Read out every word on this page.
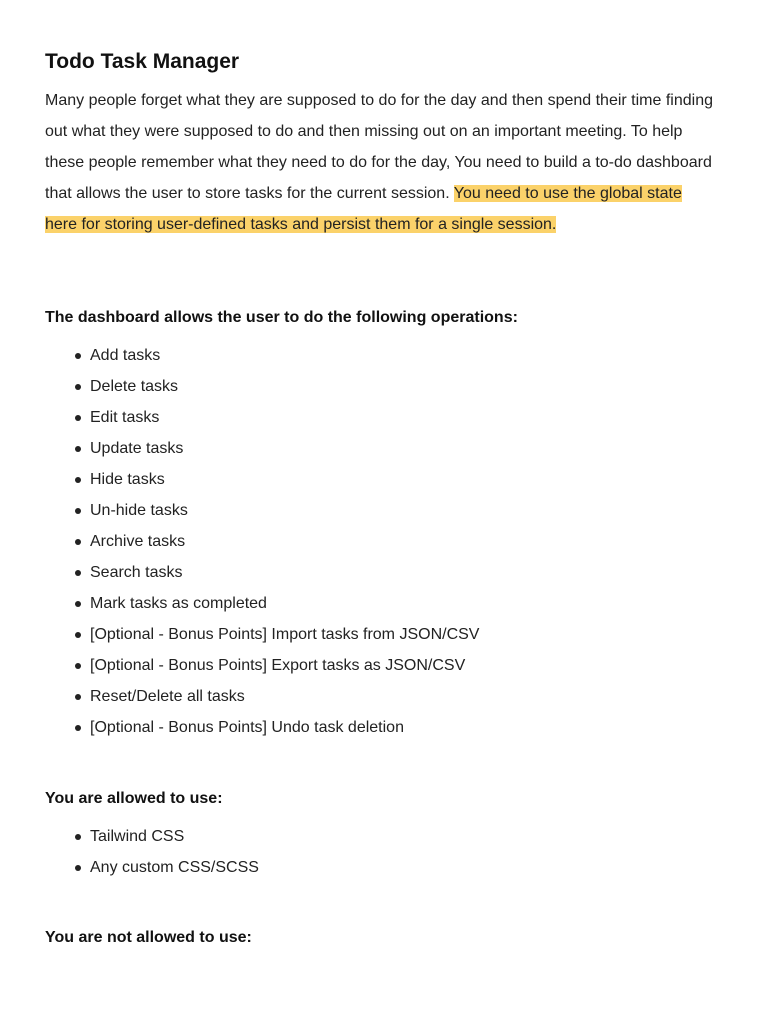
Todo Task Manager

Many people forget what they are supposed to do for the day and then spend their time finding out what they were supposed to do and then missing out on an important meeting. To help these people remember what they need to do for the day, You need to build a to-do dashboard that allows the user to store tasks for the current session. You need to use the global state here for storing user-defined tasks and persist them for a single session.

The dashboard allows the user to do the following operations:
Add tasks
Delete tasks
Edit tasks
Update tasks
Hide tasks
Un-hide tasks
Archive tasks
Search tasks
Mark tasks as completed
[Optional - Bonus Points] Import tasks from JSON/CSV
[Optional - Bonus Points] Export tasks as JSON/CSV
Reset/Delete all tasks
[Optional - Bonus Points] Undo task deletion
You are allowed to use:
Tailwind CSS
Any custom CSS/SCSS
You are not allowed to use:
